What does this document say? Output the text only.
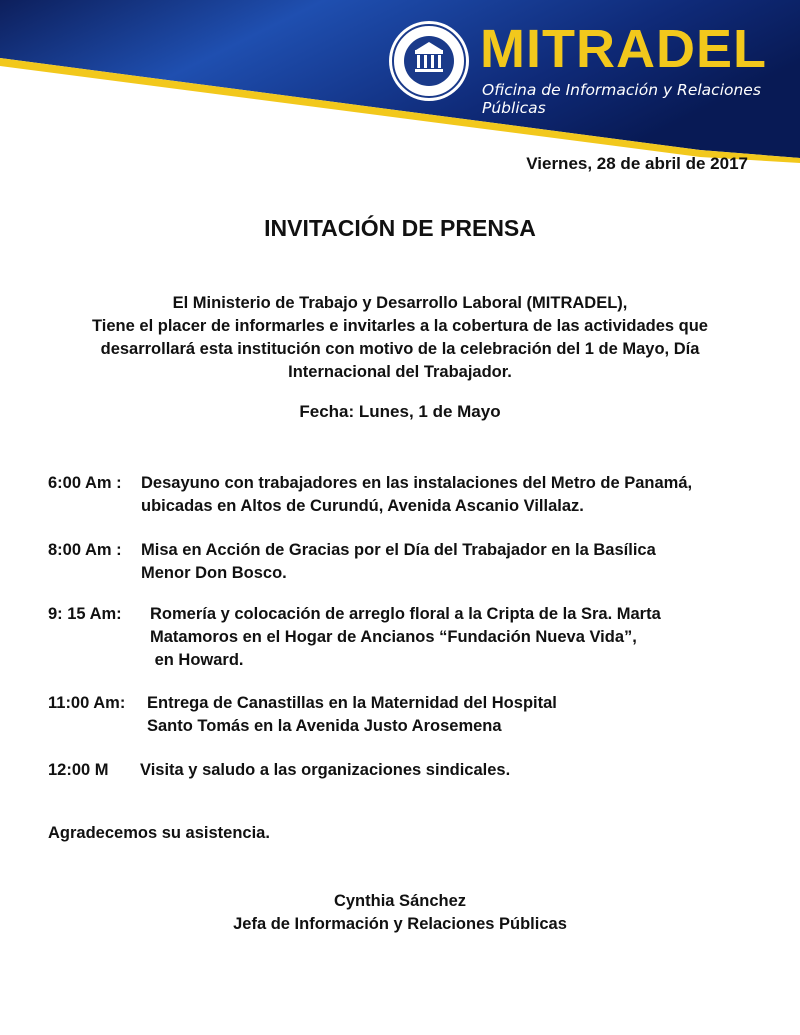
MITRADEL
Oficina de Información y Relaciones Públicas
Viernes, 28 de abril de 2017
INVITACIÓN DE PRENSA
El Ministerio de Trabajo y Desarrollo Laboral (MITRADEL),
Tiene el placer de informarles e invitarles a la cobertura de las actividades que
desarrollará esta institución con motivo de la celebración del 1 de Mayo, Día
Internacional del Trabajador.
Fecha: Lunes, 1 de Mayo
6:00 Am : Desayuno con trabajadores en las instalaciones del Metro de Panamá,
ubicadas en Altos de Curundú, Avenida Ascanio Villalaz.
8:00 Am : Misa en Acción de Gracias por el Día del Trabajador en la Basílica
Menor Don Bosco.
9: 15 Am: Romería y colocación de arreglo floral a la Cripta de la Sra. Marta
Matamoros en el Hogar de Ancianos “Fundación Nueva Vida”,
en Howard.
11:00 Am: Entrega de Canastillas en la Maternidad del Hospital
Santo Tomás en la Avenida Justo Arosemena
12:00 M Visita y saludo a las organizaciones sindicales.
Agradecemos su asistencia.
Cynthia Sánchez
Jefa de Información y Relaciones Públicas
